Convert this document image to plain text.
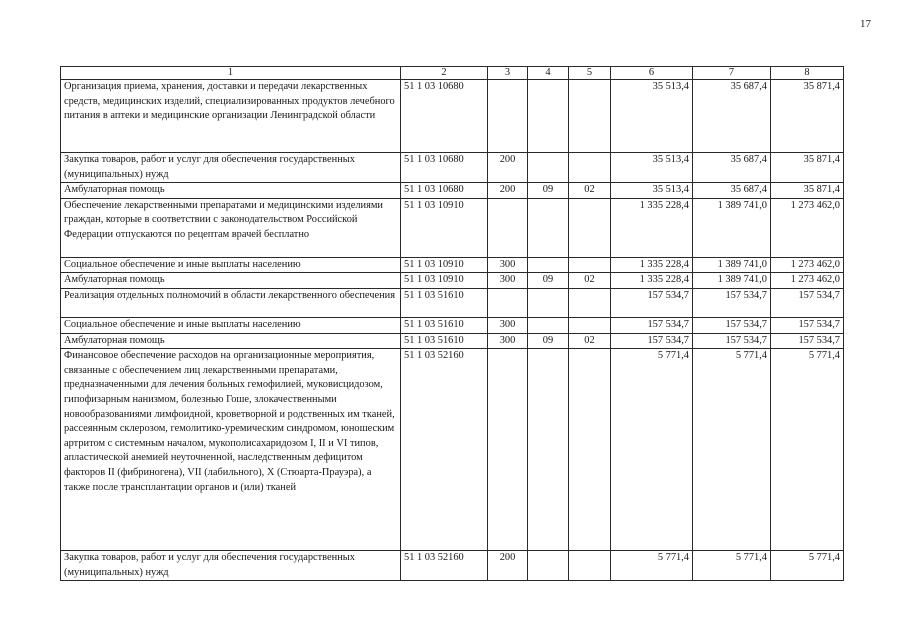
17
1	2	3	4	5	6	7	8
Организация приема, хранения, доставки и передачи лекарственных средств, медицинских изделий, специализированных продуктов лечебного питания в аптеки и медицинские организации Ленинградской области	51 1 03 10680				35 513,4	35 687,4	35 871,4
Закупка товаров, работ и услуг для обеспечения государственных (муниципальных) нужд	51 1 03 10680	200			35 513,4	35 687,4	35 871,4
Амбулаторная помощь	51 1 03 10680	200	09	02	35 513,4	35 687,4	35 871,4
Обеспечение лекарственными препаратами и медицинскими изделиями граждан, которые в соответствии с законодательством Российской Федерации отпускаются по рецептам врачей бесплатно	51 1 03 10910				1 335 228,4	1 389 741,0	1 273 462,0
Социальное обеспечение и иные выплаты населению	51 1 03 10910	300			1 335 228,4	1 389 741,0	1 273 462,0
Амбулаторная помощь	51 1 03 10910	300	09	02	1 335 228,4	1 389 741,0	1 273 462,0
Реализация отдельных полномочий в области лекарственного обеспечения	51 1 03 51610				157 534,7	157 534,7	157 534,7
Социальное обеспечение и иные выплаты населению	51 1 03 51610	300			157 534,7	157 534,7	157 534,7
Амбулаторная помощь	51 1 03 51610	300	09	02	157 534,7	157 534,7	157 534,7
Финансовое обеспечение расходов на организационные мероприятия, связанные с обеспечением лиц лекарственными препаратами, предназначенными для лечения больных гемофилией, муковисцидозом, гипофизарным нанизмом, болезнью Гоше, злокачественными новообразованиями лимфоидной, кроветворной и родственных им тканей, рассеянным склерозом, гемолитико-уремическим синдромом, юношеским артритом с системным началом, мукополисахаридозом I, II и VI типов, апластической анемией неуточненной, наследственным дефицитом факторов II (фибриногена), VII (лабильного), X (Стюарта-Прауэра), а также после трансплантации органов и (или) тканей	51 1 03 52160				5 771,4	5 771,4	5 771,4
Закупка товаров, работ и услуг для обеспечения государственных (муниципальных) нужд	51 1 03 52160	200			5 771,4	5 771,4	5 771,4
